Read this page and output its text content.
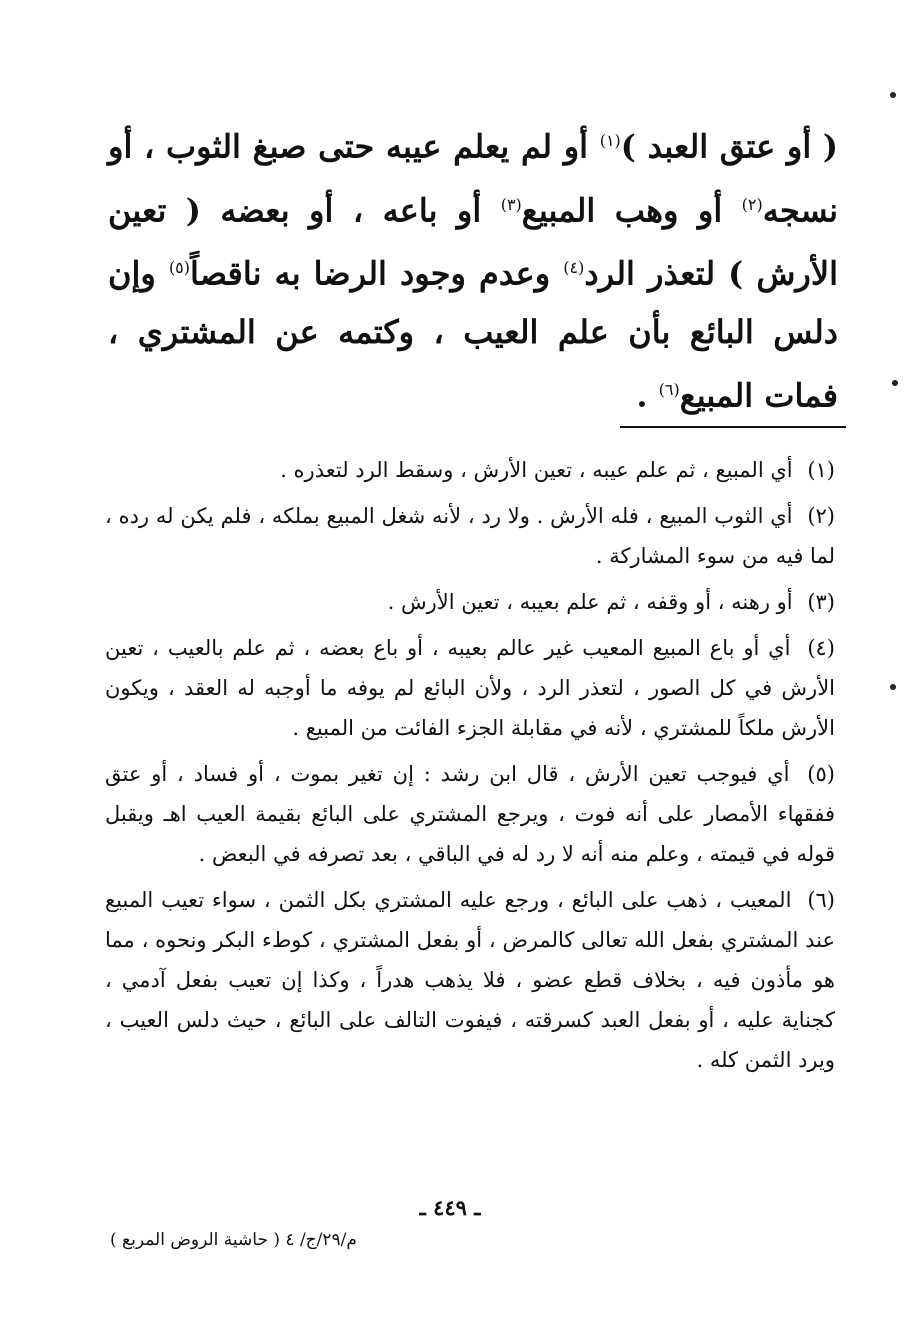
( أو عتق العبد )$^{(١)}$ أو لم يعلم عيبه حتى صبغ الثوب ، أو نسجه$^{(٢)}$ أو وهب المبيع$^{(٣)}$ أو باعه ، أو بعضه ( تعين الأرش ) لتعذر الرد$^{(٤)}$ وعدم وجود الرضا به ناقصاً$^{(٥)}$ وإن دلس البائع بأن علم العيب ، وكتمه عن المشتري ، فمات المبيع$^{(٦)}$ .

(١) أي المبيع ، ثم علم عيبه ، تعين الأرش ، وسقط الرد لتعذره .

(٢) أي الثوب المبيع ، فله الأرش . ولا رد ، لأنه شغل المبيع بملكه ، فلم يكن له رده ، لما فيه من سوء المشاركة .

(٣) أو رهنه ، أو وقفه ، ثم علم بعيبه ، تعين الأرش .

(٤) أي أو باع المبيع المعيب غير عالم بعيبه ، أو باع بعضه ، ثم علم بالعيب ، تعين الأرش في كل الصور ، لتعذر الرد ، ولأن البائع لم يوفه ما أوجبه له العقد ، ويكون الأرش ملكاً للمشتري ، لأنه في مقابلة الجزء الفائت من المبيع .

(٥) أي فيوجب تعين الأرش ، قال ابن رشد : إن تغير بموت ، أو فساد ، أو عتق ففقهاء الأمصار على أنه فوت ، ويرجع المشتري على البائع بقيمة العيب اهـ ويقبل قوله في قيمته ، وعلم منه أنه لا رد له في الباقي ، بعد تصرفه في البعض .

(٦) المعيب ، ذهب على البائع ، ورجع عليه المشتري بكل الثمن ، سواء تعيب المبيع عند المشتري بفعل الله تعالى كالمرض ، أو بفعل المشتري ، كوطء البكر ونحوه ، مما هو مأذون فيه ، بخلاف قطع عضو ، فلا يذهب هدراً ، وكذا إن تعيب بفعل آدمي ، كجناية عليه ، أو بفعل العبد كسرقته ، فيفوت التالف على البائع ، حيث دلس العيب ، ويرد الثمن كله .

ـ ٤٤٩ ـ
م/٢٩/ج/ ٤ ( حاشية الروض المربع )
